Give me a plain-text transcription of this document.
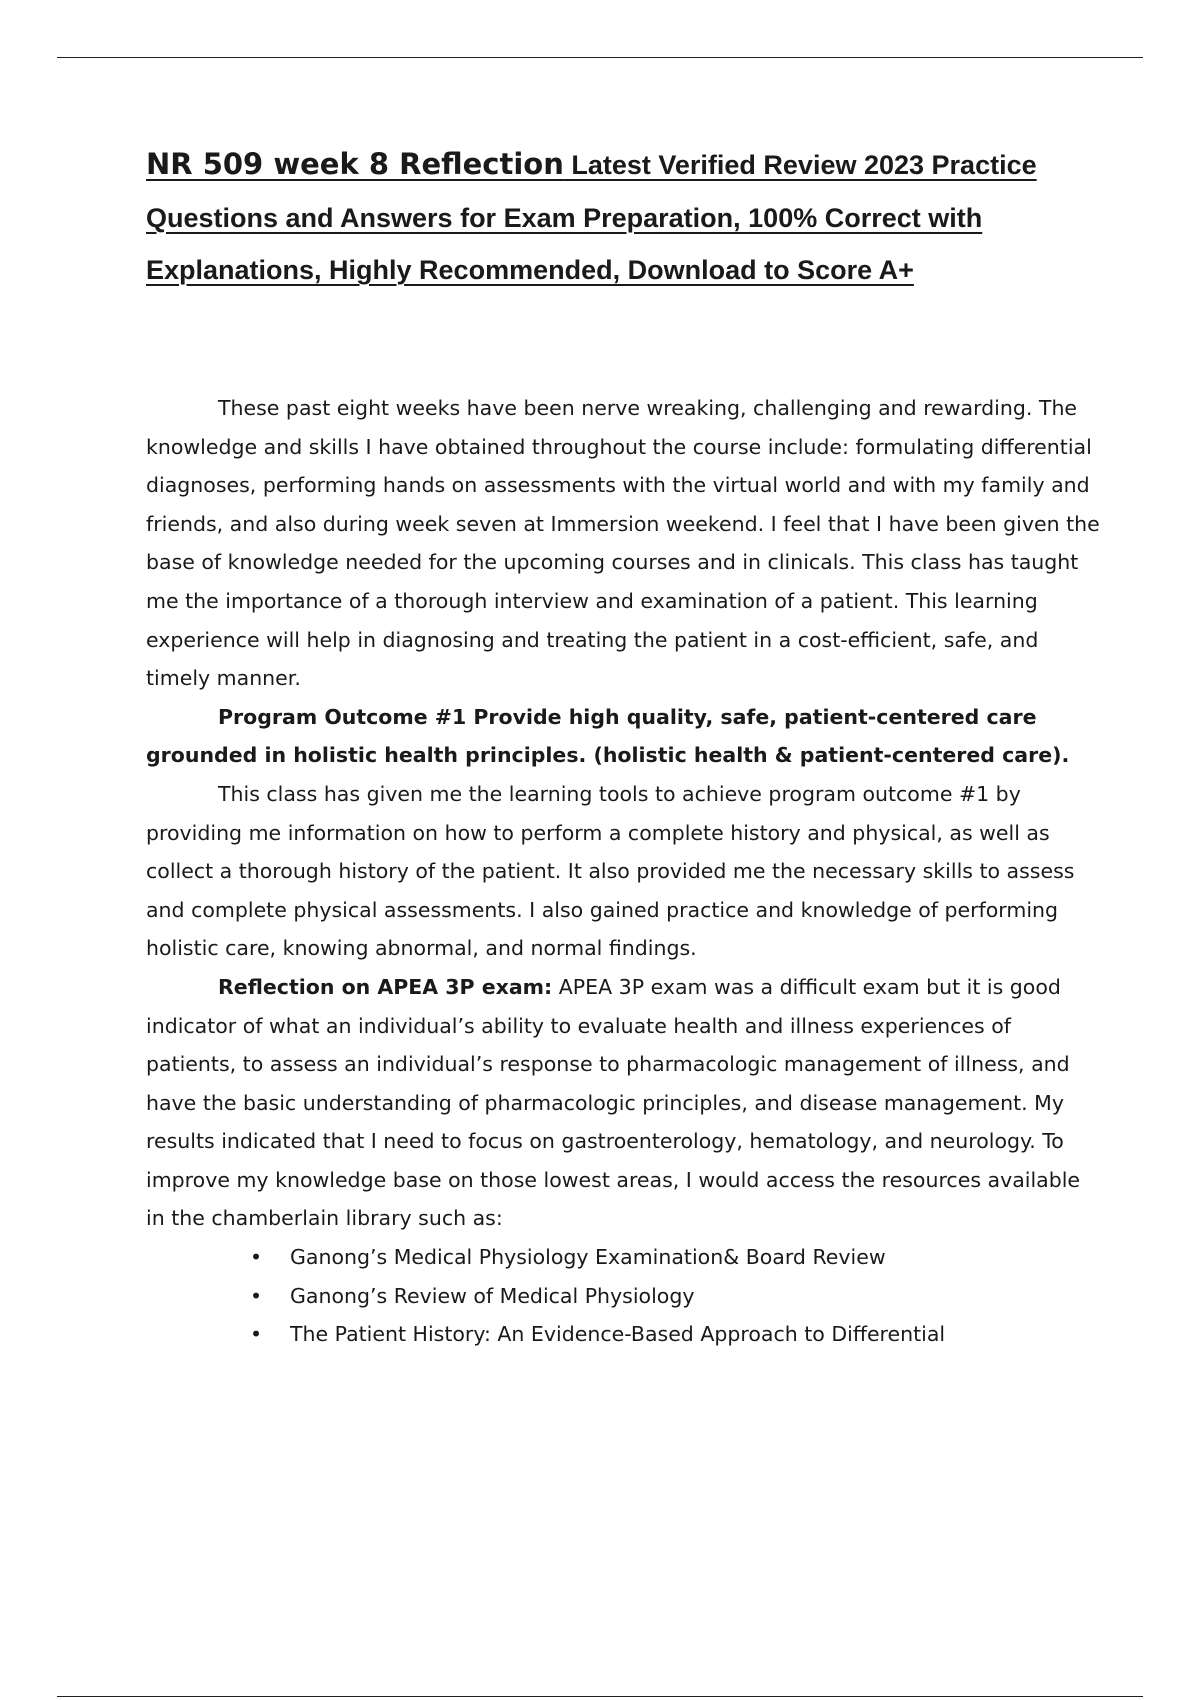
NR 509 week 8 Reflection Latest Verified Review 2023 Practice Questions and Answers for Exam Preparation, 100% Correct with Explanations, Highly Recommended, Download to Score A+

These past eight weeks have been nerve wreaking, challenging and rewarding. The knowledge and skills I have obtained throughout the course include: formulating differential diagnoses, performing hands on assessments with the virtual world and with my family and friends, and also during week seven at Immersion weekend. I feel that I have been given the base of knowledge needed for the upcoming courses and in clinicals. This class has taught me the importance of a thorough interview and examination of a patient. This learning experience will help in diagnosing and treating the patient in a cost-efficient, safe, and timely manner.

Program Outcome #1 Provide high quality, safe, patient-centered care grounded in holistic health principles. (holistic health & patient-centered care).

This class has given me the learning tools to achieve program outcome #1 by providing me information on how to perform a complete history and physical, as well as collect a thorough history of the patient. It also provided me the necessary skills to assess and complete physical assessments. I also gained practice and knowledge of performing holistic care, knowing abnormal, and normal findings.

Reflection on APEA 3P exam: APEA 3P exam was a difficult exam but it is good indicator of what an individual’s ability to evaluate health and illness experiences of patients, to assess an individual’s response to pharmacologic management of illness, and have the basic understanding of pharmacologic principles, and disease management. My results indicated that I need to focus on gastroenterology, hematology, and neurology. To improve my knowledge base on those lowest areas, I would access the resources available in the chamberlain library such as:

• Ganong’s Medical Physiology Examination& Board Review
• Ganong’s Review of Medical Physiology
• The Patient History: An Evidence-Based Approach to Differential
